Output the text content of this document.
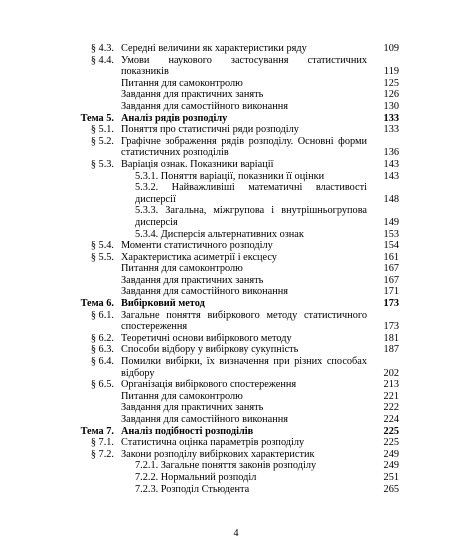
§ 4.3.	Середні величини як характеристики ряду	109
§ 4.4.	Умови наукового застосування статистичних показників	119
	Питання для самоконтролю	125
	Завдання для практичних занять	126
	Завдання для самостійного виконання	130
Тема 5.	Аналіз рядів розподілу	133
§ 5.1.	Поняття про статистичні ряди розподілу	133
§ 5.2.	Графічне зображення рядів розподілу. Основні форми статистичних розподілів	136
§ 5.3.	Варіація ознак. Показники варіації	143
	5.3.1. Поняття варіації, показники її оцінки	143
	5.3.2. Найважливіші математичні властивості дисперсії	148
	5.3.3. Загальна, міжгрупова і внутрішньогрупова дисперсія	149
	5.3.4. Дисперсія альтернативних ознак	153
§ 5.4.	Моменти статистичного розподілу	154
§ 5.5.	Характеристика асиметрії і ексцесу	161
	Питання для самоконтролю	167
	Завдання для практичних занять	167
	Завдання для самостійного виконання	171
Тема 6.	Вибірковий метод	173
§ 6.1.	Загальне поняття вибіркового методу статистичного спостереження	173
§ 6.2.	Теоретичні основи вибіркового методу	181
§ 6.3.	Способи відбору у вибіркову сукупність	187
§ 6.4.	Помилки вибірки, їх визначення при різних способах відбору	202
§ 6.5.	Організація вибіркового спостереження	213
	Питання для самоконтролю	221
	Завдання для практичних занять	222
	Завдання для самостійного виконання	224
Тема 7.	Аналіз подібності розподілів	225
§ 7.1.	Статистична оцінка параметрів розподілу	225
§ 7.2.	Закони розподілу вибіркових характеристик	249
	7.2.1. Загальне поняття законів розподілу	249
	7.2.2. Нормальний розподіл	251
	7.2.3. Розподіл Стьюдента	265
4
